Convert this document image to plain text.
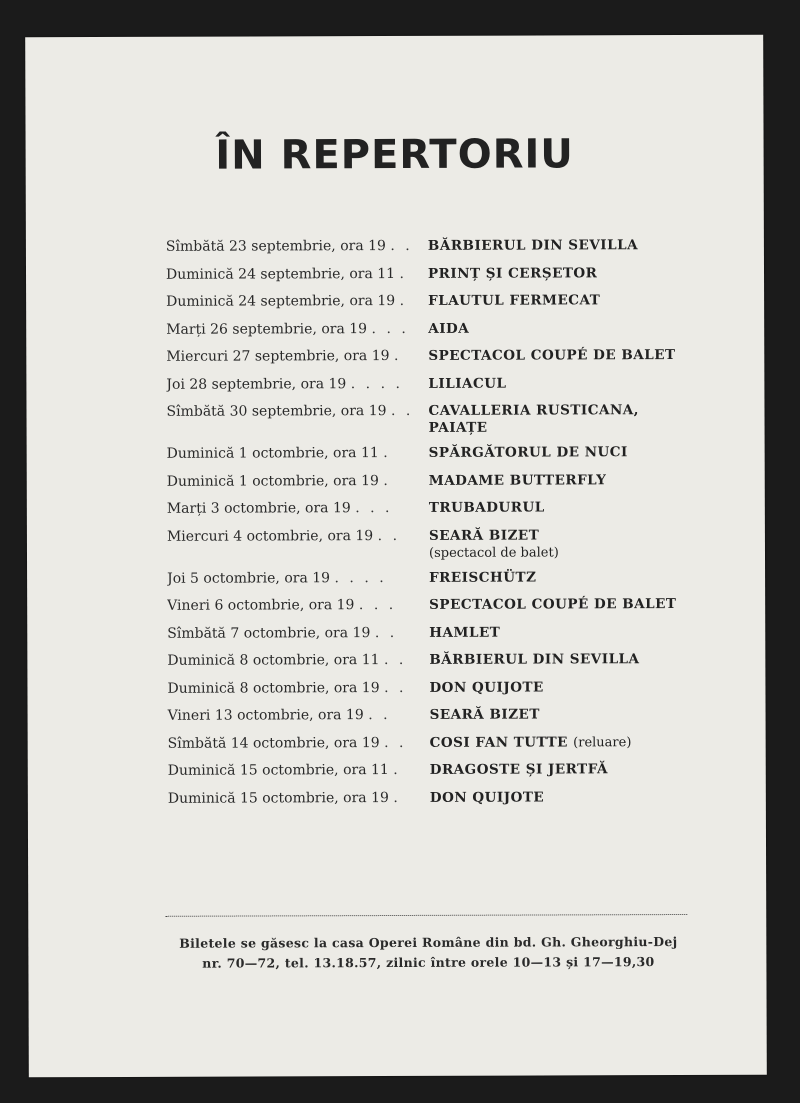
ÎN REPERTORIU
Sîmbătă 23 septembrie, ora 19 . .	BĂRBIERUL DIN SEVILLA
Duminică 24 septembrie, ora 11 .	PRINȚ ȘI CERȘETOR
Duminică 24 septembrie, ora 19 .	FLAUTUL FERMECAT
Marți 26 septembrie, ora 19 . . .	AIDA
Miercuri 27 septembrie, ora 19 .	SPECTACOL COUPÉ DE BALET
Joi 28 septembrie, ora 19 . . . .	LILIACUL
Sîmbătă 30 septembrie, ora 19 . .	CAVALLERIA RUSTICANA,
PAIAȚE
Duminică 1 octombrie, ora 11 .	SPĂRGĂTORUL DE NUCI
Duminică 1 octombrie, ora 19 .	MADAME BUTTERFLY
Marți 3 octombrie, ora 19 . . .	TRUBADURUL
Miercuri 4 octombrie, ora 19 . .	SEARĂ BIZET
(spectacol de balet)
Joi 5 octombrie, ora 19 . . . .	FREISCHÜTZ
Vineri 6 octombrie, ora 19 . . .	SPECTACOL COUPÉ DE BALET
Sîmbătă 7 octombrie, ora 19 . .	HAMLET
Duminică 8 octombrie, ora 11 . .	BĂRBIERUL DIN SEVILLA
Duminică 8 octombrie, ora 19 . .	DON QUIJOTE
Vineri 13 octombrie, ora 19 . .	SEARĂ BIZET
Sîmbătă 14 octombrie, ora 19 . .	COSI FAN TUTTE (reluare)
Duminică 15 octombrie, ora 11 .	DRAGOSTE ȘI JERTFĂ
Duminică 15 octombrie, ora 19 .	DON QUIJOTE

Biletele se găsesc la casa Operei Române din bd. Gh. Gheorghiu-Dej
nr. 70—72, tel. 13.18.57, zilnic între orele 10—13 și 17—19,30
